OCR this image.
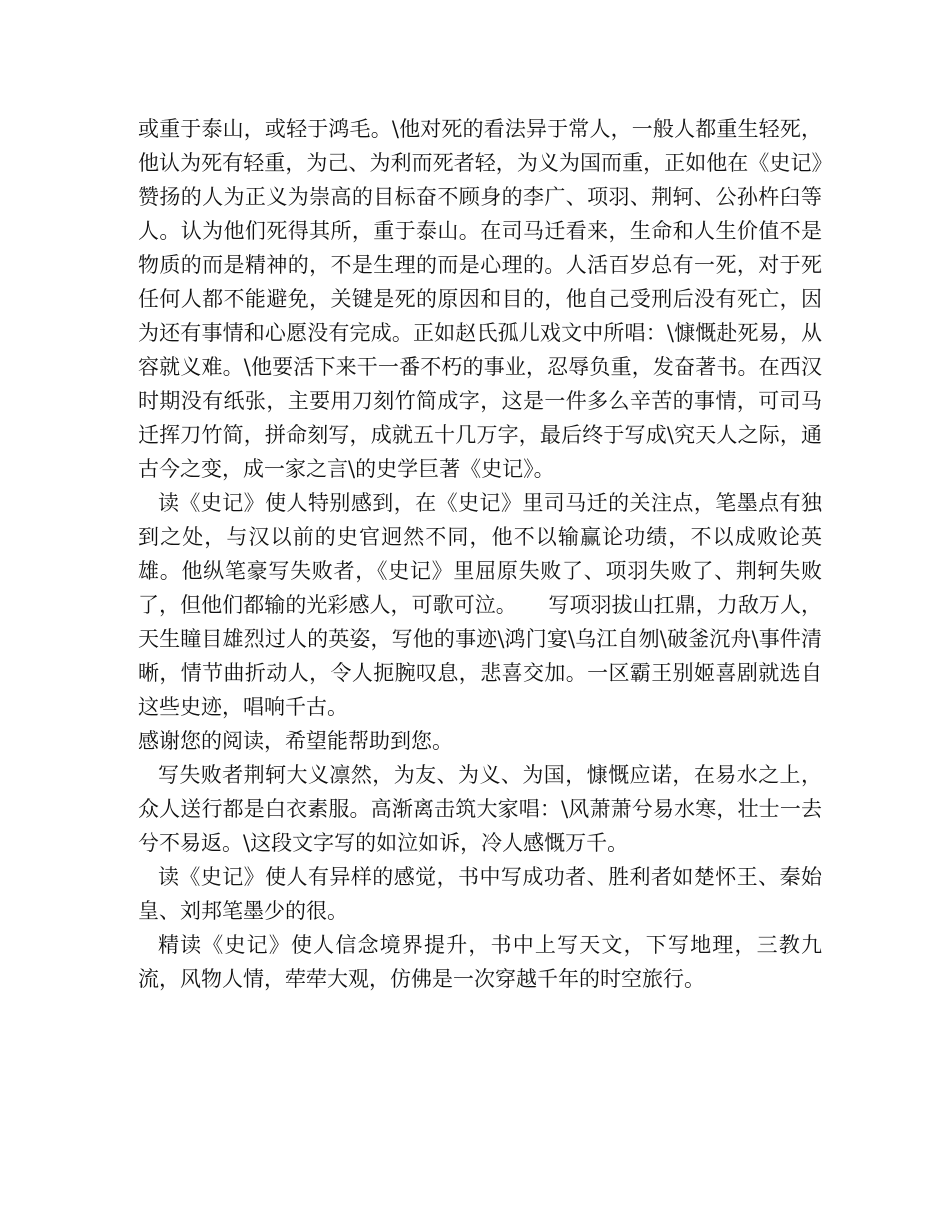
或重于泰山，或轻于鸿毛。\他对死的看法异于常人，一般人都重生轻死，他认为死有轻重，为己、为利而死者轻，为义为国而重，正如他在《史记》赞扬的人为正义为崇高的目标奋不顾身的李广、项羽、荆轲、公孙杵臼等人。认为他们死得其所，重于泰山。在司马迁看来，生命和人生价值不是物质的而是精神的，不是生理的而是心理的。人活百岁总有一死，对于死任何人都不能避免，关键是死的原因和目的，他自己受刑后没有死亡，因为还有事情和心愿没有完成。正如赵氏孤儿戏文中所唱：\慷慨赴死易，从容就义难。\他要活下来干一番不朽的事业，忍辱负重，发奋著书。在西汉时期没有纸张，主要用刀刻竹简成字，这是一件多么辛苦的事情，可司马迁挥刀竹简，拼命刻写，成就五十几万字，最后终于写成\究天人之际，通古今之变，成一家之言\的史学巨著《史记》。

读《史记》使人特别感到，在《史记》里司马迁的关注点，笔墨点有独到之处，与汉以前的史官迥然不同，他不以输赢论功绩，不以成败论英雄。他纵笔豪写失败者，《史记》里屈原失败了、项羽失败了、荆轲失败了，但他们都输的光彩感人，可歌可泣。　　写项羽拔山扛鼎，力敌万人，天生瞳目雄烈过人的英姿，写他的事迹\鸿门宴\乌江自刎\破釜沉舟\事件清晰，情节曲折动人，令人扼腕叹息，悲喜交加。一区霸王别姬喜剧就选自这些史迹，唱响千古。

感谢您的阅读，希望能帮助到您。

写失败者荆轲大义凛然，为友、为义、为国，慷慨应诺，在易水之上，众人送行都是白衣素服。高渐离击筑大家唱：\风萧萧兮易水寒，壮士一去兮不易返。\这段文字写的如泣如诉，冷人感慨万千。

读《史记》使人有异样的感觉，书中写成功者、胜利者如楚怀王、秦始皇、刘邦笔墨少的很。

精读《史记》使人信念境界提升，书中上写天文，下写地理，三教九流，风物人情，荦荦大观，仿佛是一次穿越千年的时空旅行。
